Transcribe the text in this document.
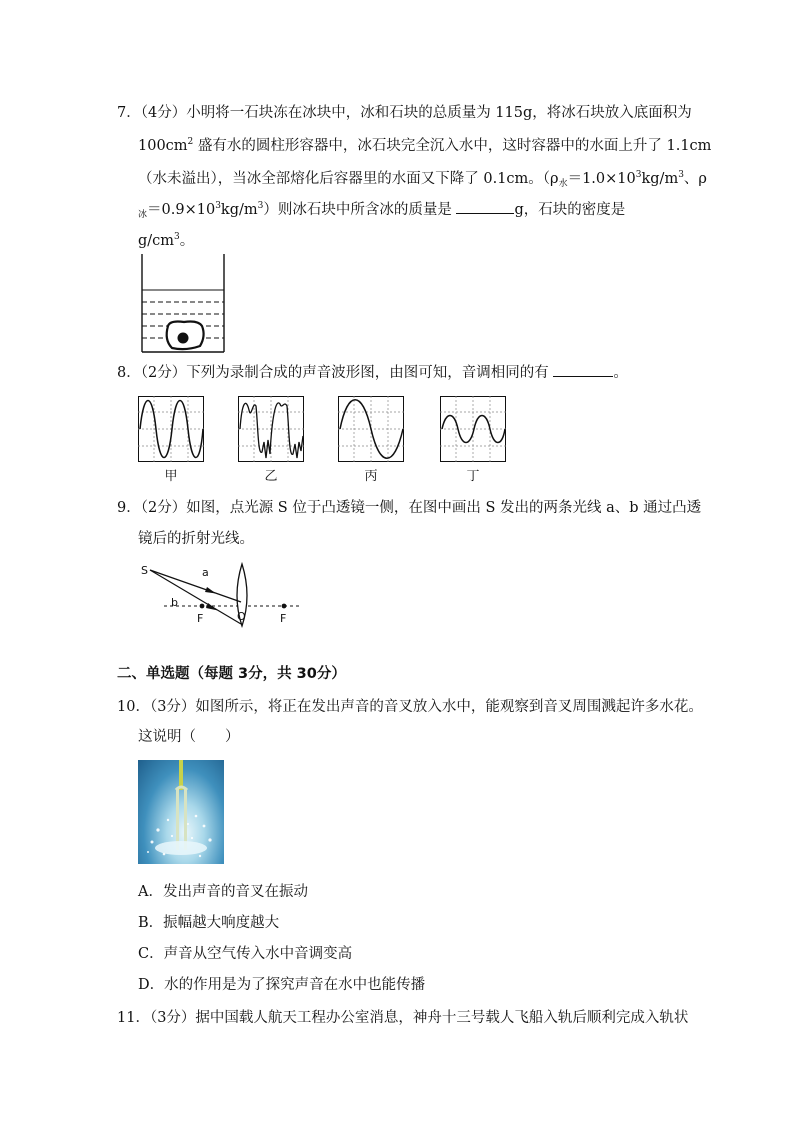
7．（4分）小明将一石块冻在冰块中，冰和石块的总质量为 115g，将冰石块放入底面积为
$100cm^2$ 盛有水的圆柱形容器中，冰石块完全沉入水中，这时容器中的水面上升了 1.1cm
（水未溢出），当冰全部熔化后容器里的水面又下降了 0.1cm。（$\rho_水=1.0\times 10^3kg/m^3$、ρ
$_冰=0.9\times 10^3kg/m^3$）则冰石块中所含冰的质量是	g，石块的密度是
$g/cm^3$。
8．（2分）下列为录制合成的声音波形图，由图可知，音调相同的有	。
甲	乙	丙	丁
9．（2分）如图，点光源 S 位于凸透镜一侧，在图中画出 S 发出的两条光线 a、b 通过凸透
镜后的折射光线。
S	a
b
F	O	F
二、单选题（每题 3分，共 30分）
10．（3分）如图所示，将正在发出声音的音叉放入水中，能观察到音叉周围溅起许多水花。
这说明（　　）
A．发出声音的音叉在振动
B．振幅越大响度越大
C．声音从空气传入水中音调变高
D．水的作用是为了探究声音在水中也能传播
11．（3分）据中国载人航天工程办公室消息，神舟十三号载人飞船入轨后顺利完成入轨状
